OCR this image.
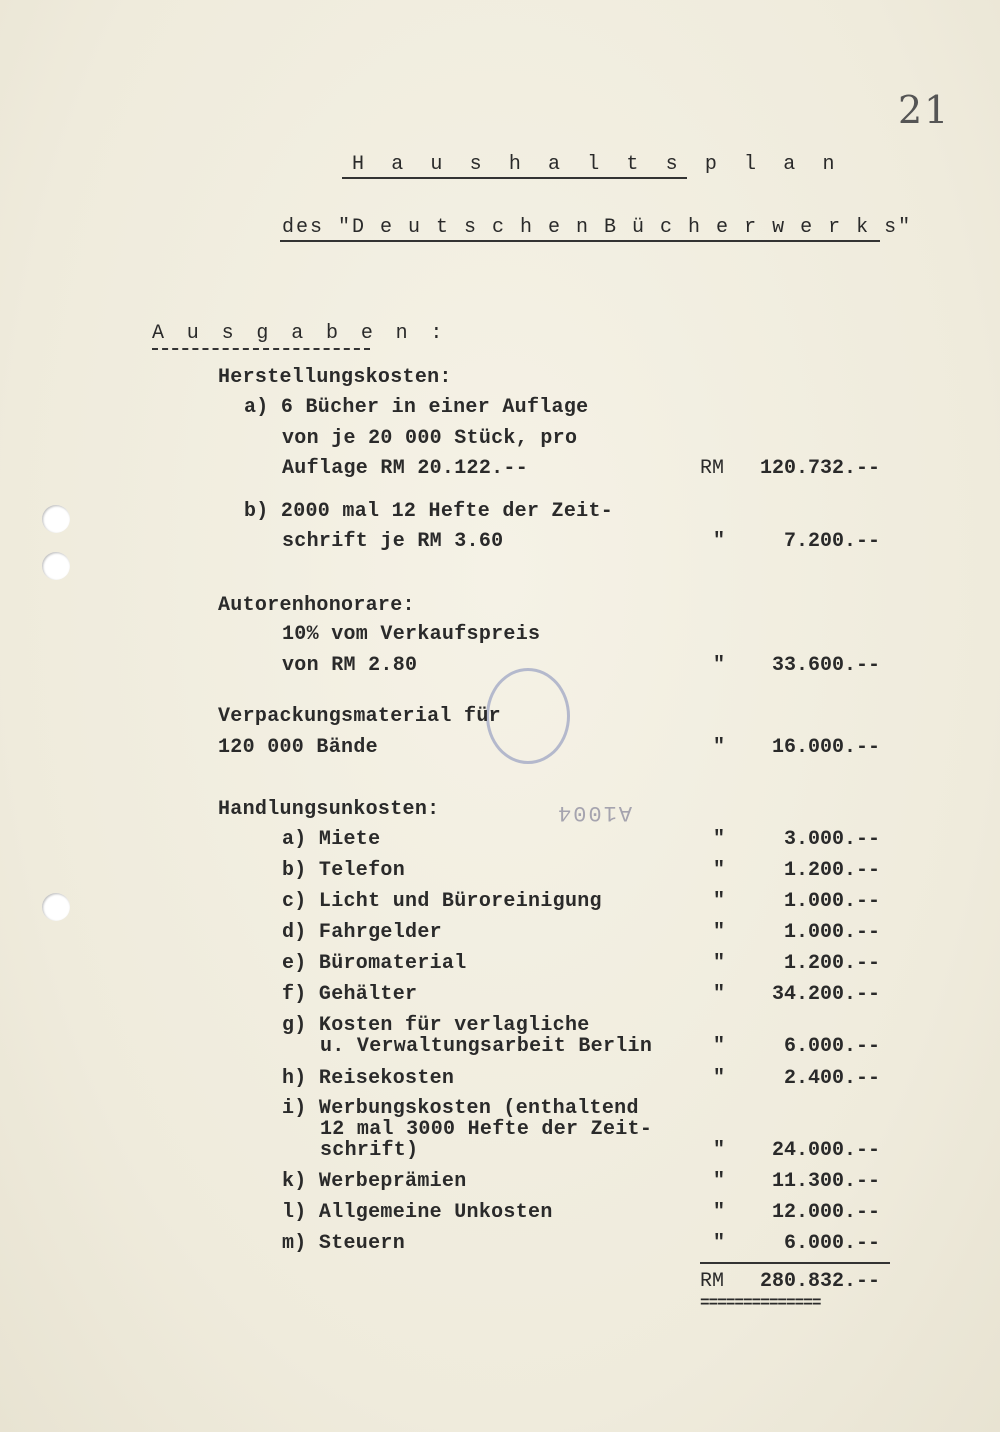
21
H a u s h a l t s p l a n
des "D e u t s c h e n B ü c h e r w e r k s"
A u s g a b e n :
Herstellungskosten:
a) 6 Bücher in einer Auflage
von je 20 000 Stück, pro
Auflage RM 20.122.--	RM	120.732.--
b) 2000 mal 12 Hefte der Zeit-
schrift je RM 3.60	"	7.200.--
Autorenhonorare:
10% vom Verkaufspreis
von RM 2.80	"	33.600.--
Verpackungsmaterial für
120 000 Bände	"	16.000.--
Handlungsunkosten:	A1004
a) Miete	"	3.000.--
b) Telefon	"	1.200.--
c) Licht und Büroreinigung	"	1.000.--
d) Fahrgelder	"	1.000.--
e) Büromaterial	"	1.200.--
f) Gehälter	"	34.200.--
g) Kosten für verlagliche
u. Verwaltungsarbeit Berlin	"	6.000.--
h) Reisekosten	"	2.400.--
i) Werbungskosten (enthaltend
12 mal 3000 Hefte der Zeit-
schrift)	"	24.000.--
k) Werbeprämien	"	11.300.--
l) Allgemeine Unkosten	"	12.000.--
m) Steuern	"	6.000.--
RM	280.832.--
==============
